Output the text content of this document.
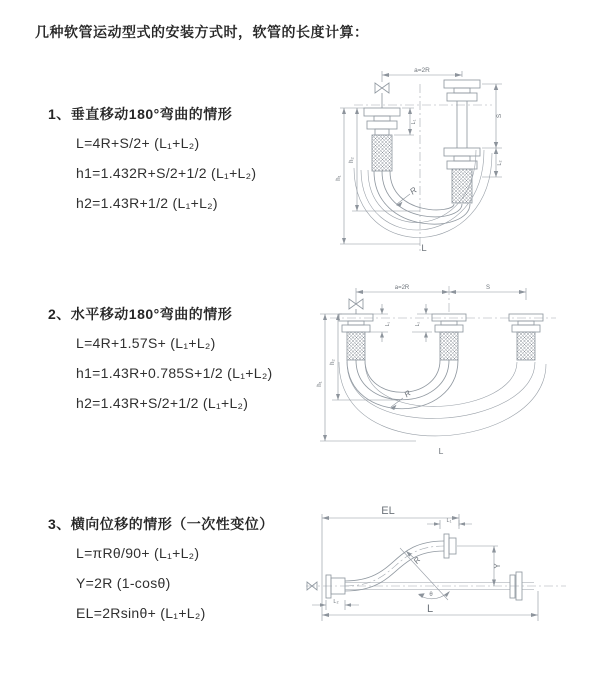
几种软管运动型式的安装方式时，软管的长度计算：
1、垂直移动180°弯曲的情形
L=4R+S/2+ (L₁+L₂)
h1=1.432R+S/2+1/2 (L₁+L₂)
h2=1.43R+1/2 (L₁+L₂)
2、水平移动180°弯曲的情形
L=4R+1.57S+ (L₁+L₂)
h1=1.43R+0.785S+1/2 (L₁+L₂)
h2=1.43R+S/2+1/2 (L₁+L₂)
3、横向位移的情形（一次性变位）
L=πRθ/90+ (L₁+L₂)
Y=2R (1-cosθ)
EL=2Rsinθ+ (L₁+L₂)
a=2R
L₁
S
L₂
h₂
h₁
R
L
a=2R	S
L₁	L₂
h₂
h₁
R
L
EL
L₁
Y
θ
R
L
L₂
